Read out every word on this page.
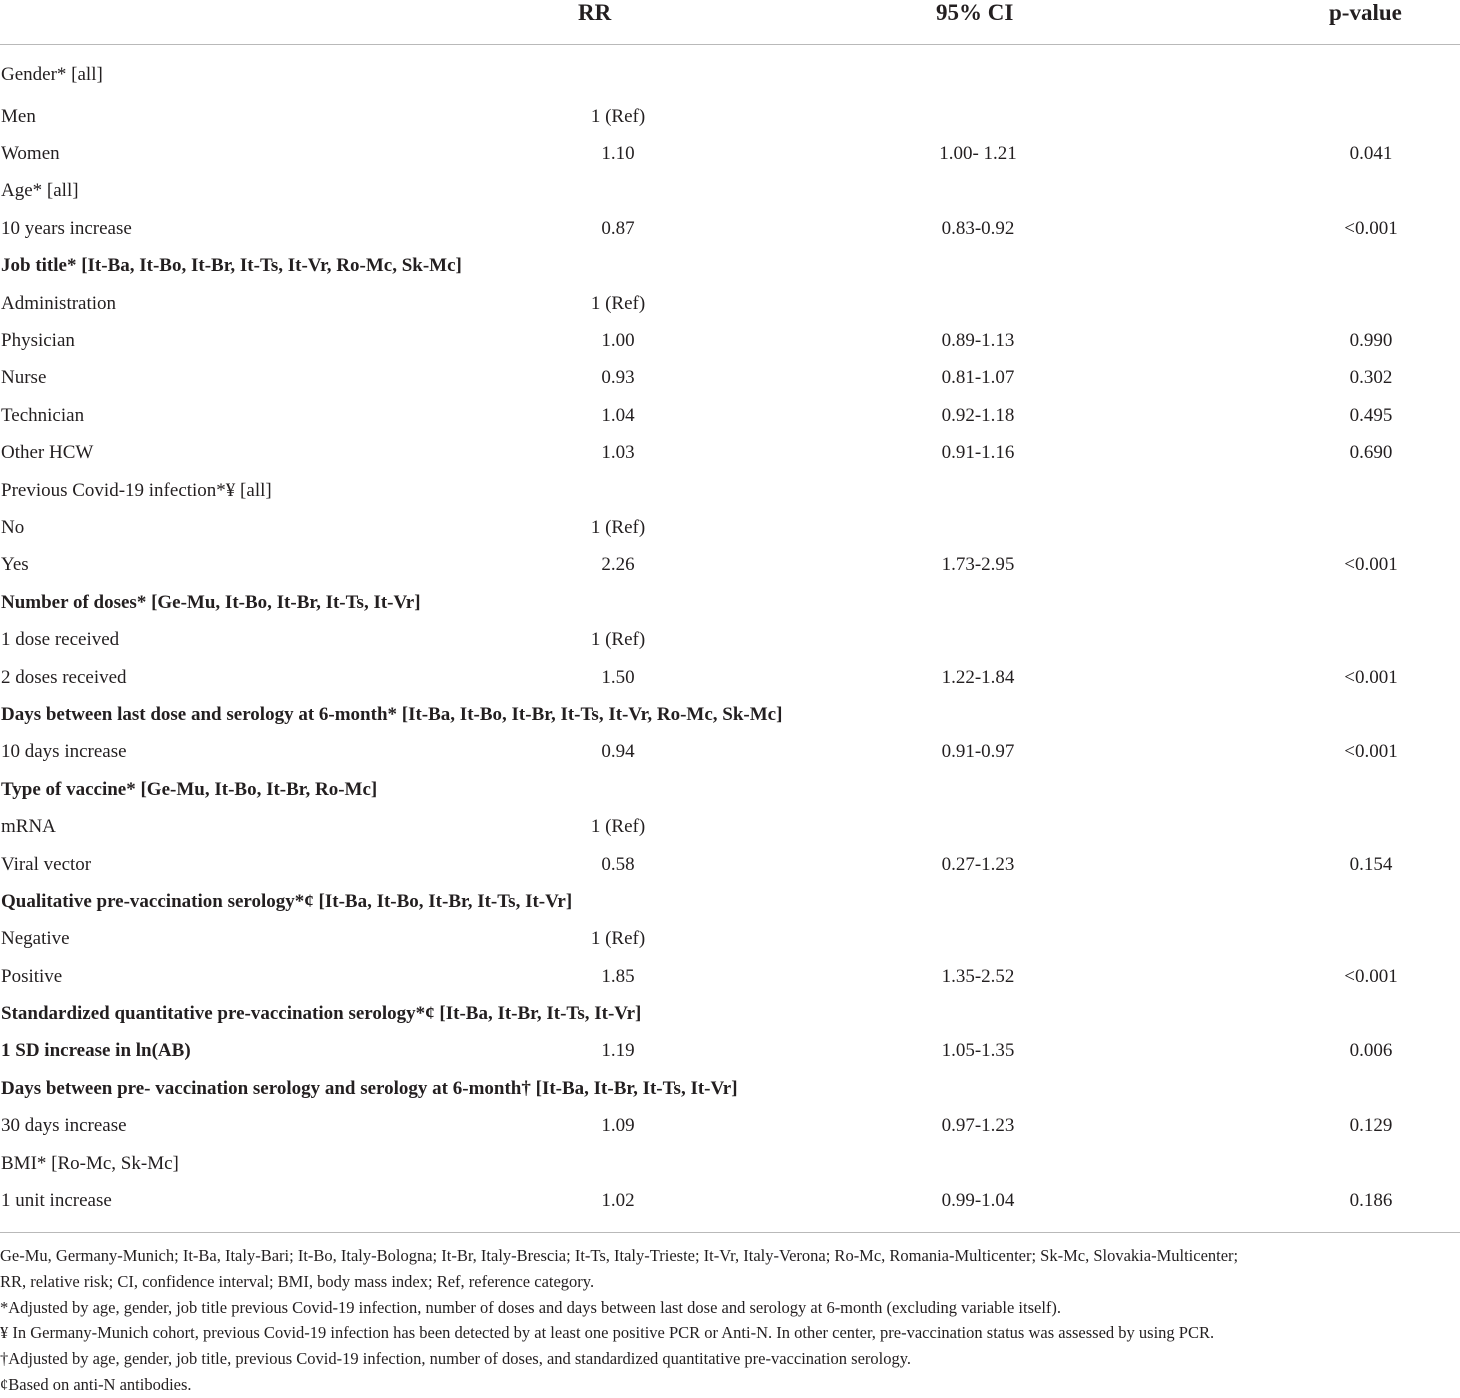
	RR	95% CI	p-value
Gender* [all]			
Men	1 (Ref)		
Women	1.10	1.00- 1.21	0.041
Age* [all]			
10 years increase	0.87	0.83-0.92	<0.001
Job title* [It-Ba, It-Bo, It-Br, It-Ts, It-Vr, Ro-Mc, Sk-Mc]			
Administration	1 (Ref)		
Physician	1.00	0.89-1.13	0.990
Nurse	0.93	0.81-1.07	0.302
Technician	1.04	0.92-1.18	0.495
Other HCW	1.03	0.91-1.16	0.690
Previous Covid-19 infection*¥ [all]			
No	1 (Ref)		
Yes	2.26	1.73-2.95	<0.001
Number of doses* [Ge-Mu, It-Bo, It-Br, It-Ts, It-Vr]			
1 dose received	1 (Ref)		
2 doses received	1.50	1.22-1.84	<0.001
Days between last dose and serology at 6-month* [It-Ba, It-Bo, It-Br, It-Ts, It-Vr, Ro-Mc, Sk-Mc]			
10 days increase	0.94	0.91-0.97	<0.001
Type of vaccine* [Ge-Mu, It-Bo, It-Br, Ro-Mc]			
mRNA	1 (Ref)		
Viral vector	0.58	0.27-1.23	0.154
Qualitative pre-vaccination serology*¢ [It-Ba, It-Bo, It-Br, It-Ts, It-Vr]			
Negative	1 (Ref)		
Positive	1.85	1.35-2.52	<0.001
Standardized quantitative pre-vaccination serology*¢ [It-Ba, It-Br, It-Ts, It-Vr]			
1 SD increase in ln(AB)	1.19	1.05-1.35	0.006
Days between pre- vaccination serology and serology at 6-month† [It-Ba, It-Br, It-Ts, It-Vr]			
30 days increase	1.09	0.97-1.23	0.129
BMI* [Ro-Mc, Sk-Mc]			
1 unit increase	1.02	0.99-1.04	0.186

Ge-Mu, Germany-Munich; It-Ba, Italy-Bari; It-Bo, Italy-Bologna; It-Br, Italy-Brescia; It-Ts, Italy-Trieste; It-Vr, Italy-Verona; Ro-Mc, Romania-Multicenter; Sk-Mc, Slovakia-Multicenter;

RR, relative risk; CI, confidence interval; BMI, body mass index; Ref, reference category.

*Adjusted by age, gender, job title previous Covid-19 infection, number of doses and days between last dose and serology at 6-month (excluding variable itself).

¥ In Germany-Munich cohort, previous Covid-19 infection has been detected by at least one positive PCR or Anti-N. In other center, pre-vaccination status was assessed by using PCR.

†Adjusted by age, gender, job title, previous Covid-19 infection, number of doses, and standardized quantitative pre-vaccination serology.

¢Based on anti-N antibodies.
